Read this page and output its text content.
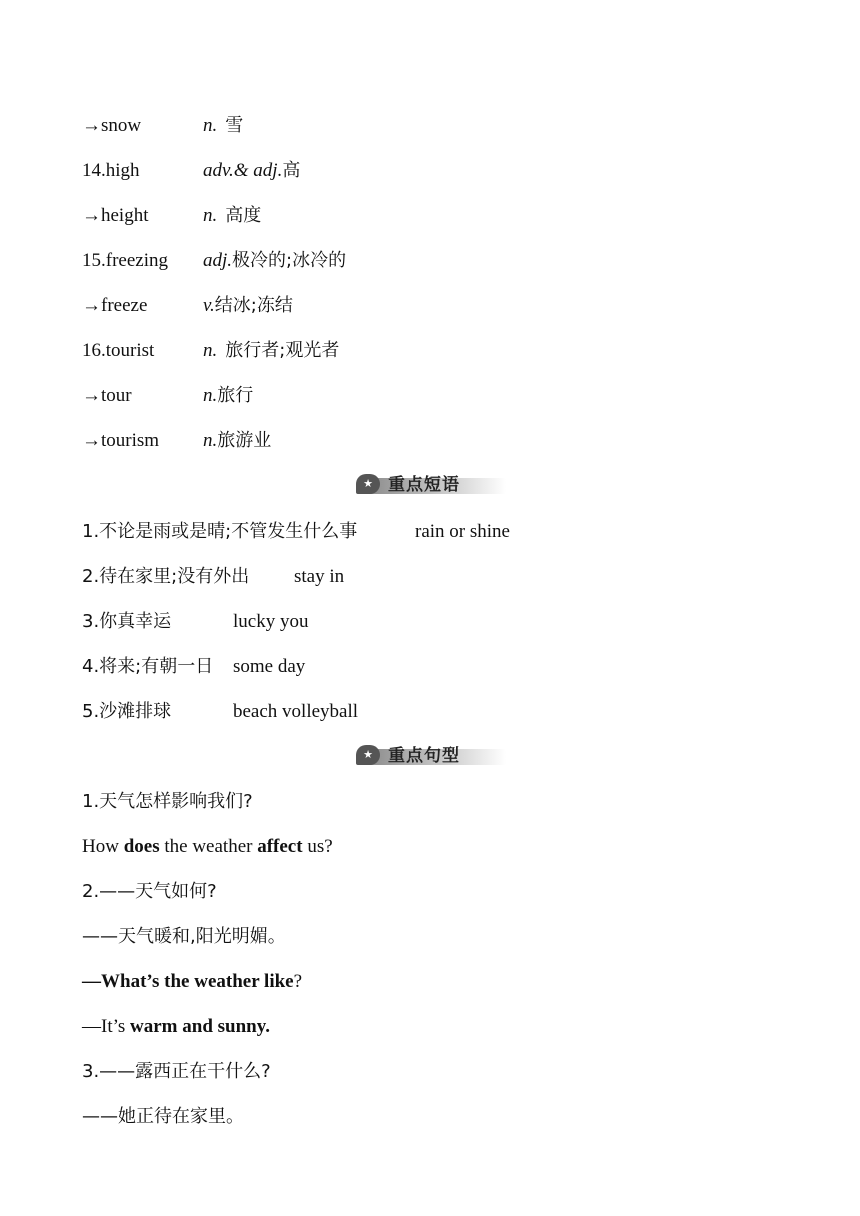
→snow	n. 雪
14.high	adv.& adj.高
→height	n. 高度
15.freezing adj.极冷的;冰冷的
→freeze	v.结冰;冻结
16.tourist	n. 旅行者;观光者
→tour	n.旅行
→tourism n.旅游业
★ 重点短语
1.不论是雨或是晴;不管发生什么事	rain or shine
2.待在家里;没有外出 stay in
3.你真幸运	lucky you
4.将来;有朝一日 some day
5.沙滩排球	beach volleyball
★ 重点句型
1.天气怎样影响我们?
How does the weather affect us?
2.——天气如何?
——天气暖和,阳光明媚。
—What’s the weather like?
—It’s warm and sunny.
3.——露西正在干什么?
——她正待在家里。
